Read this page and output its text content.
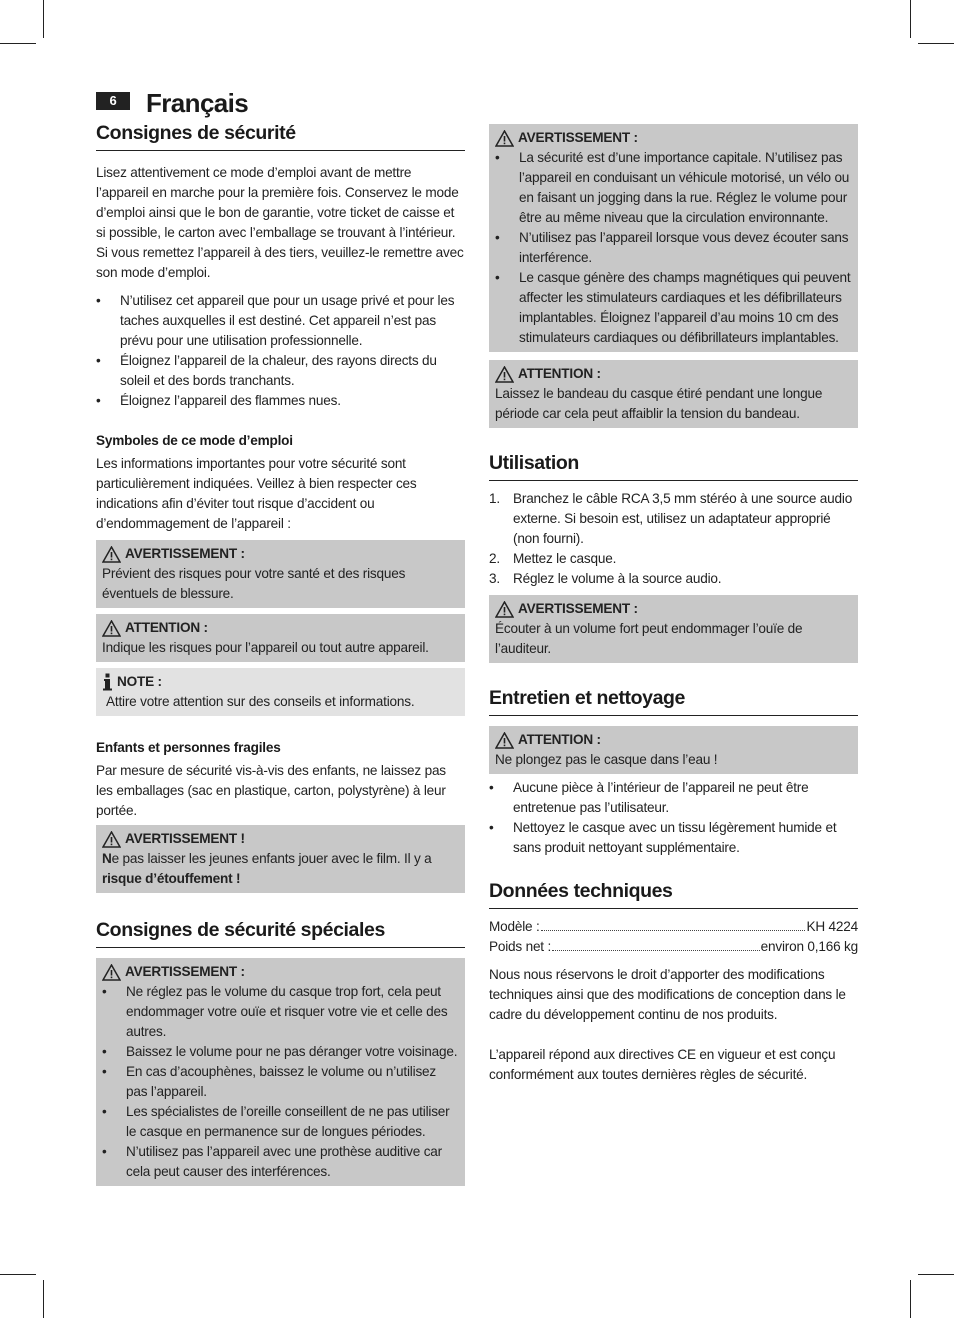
6	Français
Consignes de sécurité

Lisez attentivement ce mode d’emploi avant de mettre l’appareil en marche pour la première fois. Conservez le mode d’emploi ainsi que le bon de garantie, votre ticket de caisse et si possible, le carton avec l’emballage se trouvant à l’intérieur. Si vous remettez l’appareil à des tiers, veuillez-le remettre avec son mode d’emploi.

• N’utilisez cet appareil que pour un usage privé et pour les taches auxquelles il est destiné. Cet appareil n’est pas prévu pour une utilisation professionnelle.
• Éloignez l’appareil de la chaleur, des rayons directs du soleil et des bords tranchants.
• Éloignez l’appareil des flammes nues.
Symboles de ce mode d’emploi

Les informations importantes pour votre sécurité sont particulièrement indiquées. Veillez à bien respecter ces indications afin d’éviter tout risque d’accident ou d’endommagement de l’appareil :

AVERTISSEMENT :

Prévient des risques pour votre santé et des risques éventuels de blessure.

ATTENTION :

Indique les risques pour l’appareil ou tout autre appareil.

NOTE :

Attire votre attention sur des conseils et informations.

Enfants et personnes fragiles

Par mesure de sécurité vis-à-vis des enfants, ne laissez pas les emballages (sac en plastique, carton, polystyrène) à leur portée.

AVERTISSEMENT !

Ne pas laisser les jeunes enfants jouer avec le film. Il y a
risque d’étouffement !

Consignes de sécurité spéciales
AVERTISSEMENT :
• Ne réglez pas le volume du casque trop fort, cela peut endommager votre ouïe et risquer votre vie et celle des autres.
• Baissez le volume pour ne pas déranger votre voisinage.
• En cas d’acouphènes, baissez le volume ou n’utilisez pas l’appareil.
• Les spécialistes de l’oreille conseillent de ne pas utiliser le casque en permanence sur de longues périodes.
• N’utilisez pas l’appareil avec une prothèse auditive car cela peut causer des interférences.
AVERTISSEMENT :
• La sécurité est d’une importance capitale. N’utilisez pas l’appareil en conduisant un véhicule motorisé, un vélo ou en faisant un jogging dans la rue. Réglez le volume pour être au même niveau que la circulation environnante.
• N’utilisez pas l’appareil lorsque vous devez écouter sans interférence.
• Le casque génère des champs magnétiques qui peuvent affecter les stimulateurs cardiaques et les défibrillateurs implantables. Éloignez l’appareil d’au moins 10 cm des stimulateurs cardiaques ou défibrillateurs implantables.
ATTENTION :

Laissez le bandeau du casque étiré pendant une longue période car cela peut affaiblir la tension du bandeau.

Utilisation
1. Branchez le câble RCA 3,5 mm stéréo à une source audio externe. Si besoin est, utilisez un adaptateur approprié (non fourni).
2. Mettez le casque.
3. Réglez le volume à la source audio.
AVERTISSEMENT :

Écouter à un volume fort peut endommager l’ouïe de l’auditeur.

Entretien et nettoyage
ATTENTION :

Ne plongez pas le casque dans l’eau !

• Aucune pièce à l’intérieur de l’appareil ne peut être entretenue pas l’utilisateur.
• Nettoyez le casque avec un tissu légèrement humide et sans produit nettoyant supplémentaire.
Données techniques
Modèle :	KH 4224
Poids net :	environ 0,166 kg

Nous nous réservons le droit d’apporter des modifications techniques ainsi que des modifications de conception dans le cadre du développement continu de nos produits.

L’appareil répond aux directives CE en vigueur et est conçu conformément aux toutes dernières règles de sécurité.
